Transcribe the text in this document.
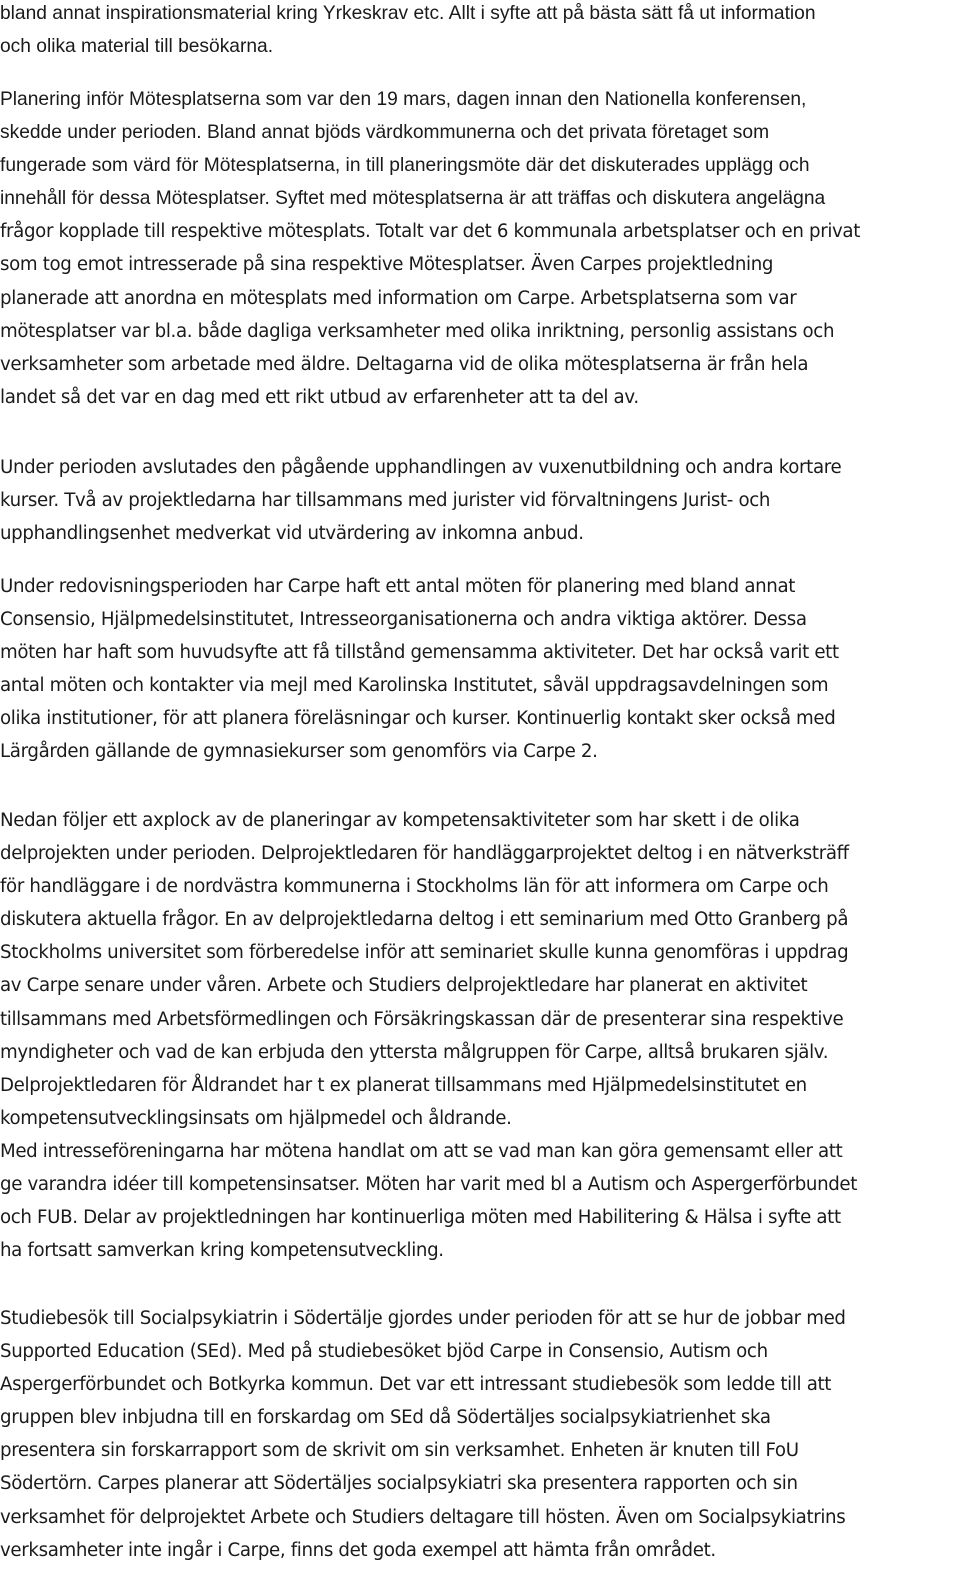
bland annat inspirationsmaterial kring Yrkeskrav etc. Allt i syfte att på bästa sätt få ut information
och olika material till besökarna.
Planering inför Mötesplatserna som var den 19 mars, dagen innan den Nationella konferensen,
skedde under perioden. Bland annat bjöds värdkommunerna och det privata företaget som
fungerade som värd för Mötesplatserna, in till planeringsmöte där det diskuterades upplägg och
innehåll för dessa Mötesplatser. Syftet med mötesplatserna är att träffas och diskutera angelägna
frågor kopplade till respektive mötesplats. Totalt var det 6 kommunala arbetsplatser och en privat
som tog emot intresserade på sina respektive Mötesplatser. Även Carpes projektledning
planerade att anordna en mötesplats med information om Carpe. Arbetsplatserna som var
mötesplatser var bl.a. både dagliga verksamheter med olika inriktning, personlig assistans och
verksamheter som arbetade med äldre. Deltagarna vid de olika mötesplatserna är från hela
landet så det var en dag med ett rikt utbud av erfarenheter att ta del av.
Under perioden avslutades den pågående upphandlingen av vuxenutbildning och andra kortare
kurser. Två av projektledarna har tillsammans med jurister vid förvaltningens Jurist- och
upphandlingsenhet medverkat vid utvärdering av inkomna anbud.
Under redovisningsperioden har Carpe haft ett antal möten för planering med bland annat
Consensio, Hjälpmedelsinstitutet, Intresseorganisationerna och andra viktiga aktörer. Dessa
möten har haft som huvudsyfte att få tillstånd gemensamma aktiviteter. Det har också varit ett
antal möten och kontakter via mejl med Karolinska Institutet, såväl uppdragsavdelningen som
olika institutioner, för att planera föreläsningar och kurser. Kontinuerlig kontakt sker också med
Lärgården gällande de gymnasiekurser som genomförs via Carpe 2.
Nedan följer ett axplock av de planeringar av kompetensaktiviteter som har skett i de olika
delprojekten under perioden. Delprojektledaren för handläggarprojektet deltog i en nätverksträff
för handläggare i de nordvästra kommunerna i Stockholms län för att informera om Carpe och
diskutera aktuella frågor. En av delprojektledarna deltog i ett seminarium med Otto Granberg på
Stockholms universitet som förberedelse inför att seminariet skulle kunna genomföras i uppdrag
av Carpe senare under våren. Arbete och Studiers delprojektledare har planerat en aktivitet
tillsammans med Arbetsförmedlingen och Försäkringskassan där de presenterar sina respektive
myndigheter och vad de kan erbjuda den yttersta målgruppen för Carpe, alltså brukaren själv.
Delprojektledaren för Åldrandet har t ex planerat tillsammans med Hjälpmedelsinstitutet en
kompetensutvecklingsinsats om hjälpmedel och åldrande.
Med intresseföreningarna har mötena handlat om att se vad man kan göra gemensamt eller att
ge varandra idéer till kompetensinsatser. Möten har varit med bl a Autism och Aspergerförbundet
och FUB. Delar av projektledningen har kontinuerliga möten med Habilitering & Hälsa i syfte att
ha fortsatt samverkan kring kompetensutveckling.
Studiebesök till Socialpsykiatrin i Södertälje gjordes under perioden för att se hur de jobbar med
Supported Education (SEd). Med på studiebesöket bjöd Carpe in Consensio, Autism och
Aspergerförbundet och Botkyrka kommun. Det var ett intressant studiebesök som ledde till att
gruppen blev inbjudna till en forskardag om SEd då Södertäljes socialpsykiatrienhet ska
presentera sin forskarrapport som de skrivit om sin verksamhet. Enheten är knuten till FoU
Södertörn. Carpes planerar att Södertäljes socialpsykiatri ska presentera rapporten och sin
verksamhet för delprojektet Arbete och Studiers deltagare till hösten. Även om Socialpsykiatrins
verksamheter inte ingår i Carpe, finns det goda exempel att hämta från området.
